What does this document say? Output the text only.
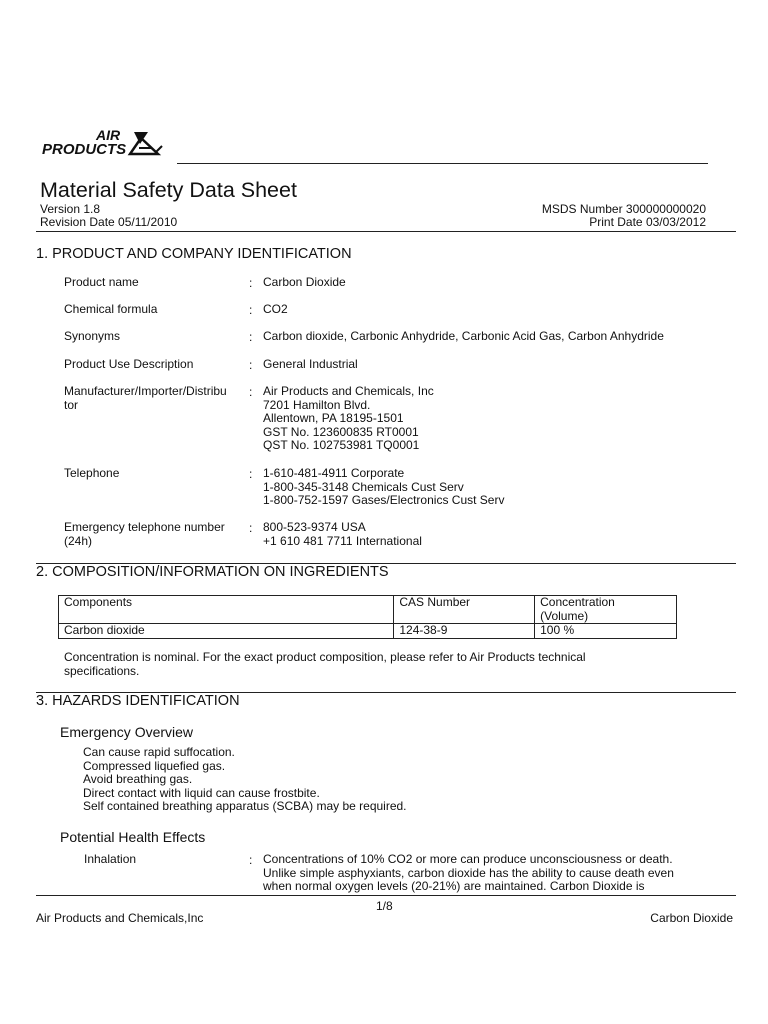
AIR
PRODUCTS
Material Safety Data Sheet
Version 1.8
Revision Date 05/11/2010
MSDS Number 300000000020
Print Date 03/03/2012
1. PRODUCT AND COMPANY IDENTIFICATION
Product name	: Carbon Dioxide
Chemical formula	: CO2
Synonyms	: Carbon dioxide, Carbonic Anhydride, Carbonic Acid Gas, Carbon Anhydride
Product Use Description	: General Industrial
Manufacturer/Importer/Distribu
tor
: Air Products and Chemicals, Inc
7201 Hamilton Blvd.
Allentown, PA 18195-1501
GST No. 123600835 RT0001
QST No. 102753981 TQ0001
Telephone	: 1-610-481-4911 Corporate
1-800-345-3148 Chemicals Cust Serv
1-800-752-1597 Gases/Electronics Cust Serv
Emergency telephone number
(24h)
: 800-523-9374 USA
+1 610 481 7711 International
2. COMPOSITION/INFORMATION ON INGREDIENTS
Components	CAS Number	Concentration
(Volume)

Carbon dioxide	124-38-9	100 %
Concentration is nominal. For the exact product composition, please refer to Air Products technical specifications.
3. HAZARDS IDENTIFICATION
Emergency Overview
Can cause rapid suffocation.
Compressed liquefied gas.
Avoid breathing gas.
Direct contact with liquid can cause frostbite.
Self contained breathing apparatus (SCBA) may be required.
Potential Health Effects
Inhalation	: Concentrations of 10% CO2 or more can produce unconsciousness or death.
Unlike simple asphyxiants, carbon dioxide has the ability to cause death even
when normal oxygen levels (20-21%) are maintained. Carbon Dioxide is
1/8
Air Products and Chemicals,Inc	Carbon Dioxide
